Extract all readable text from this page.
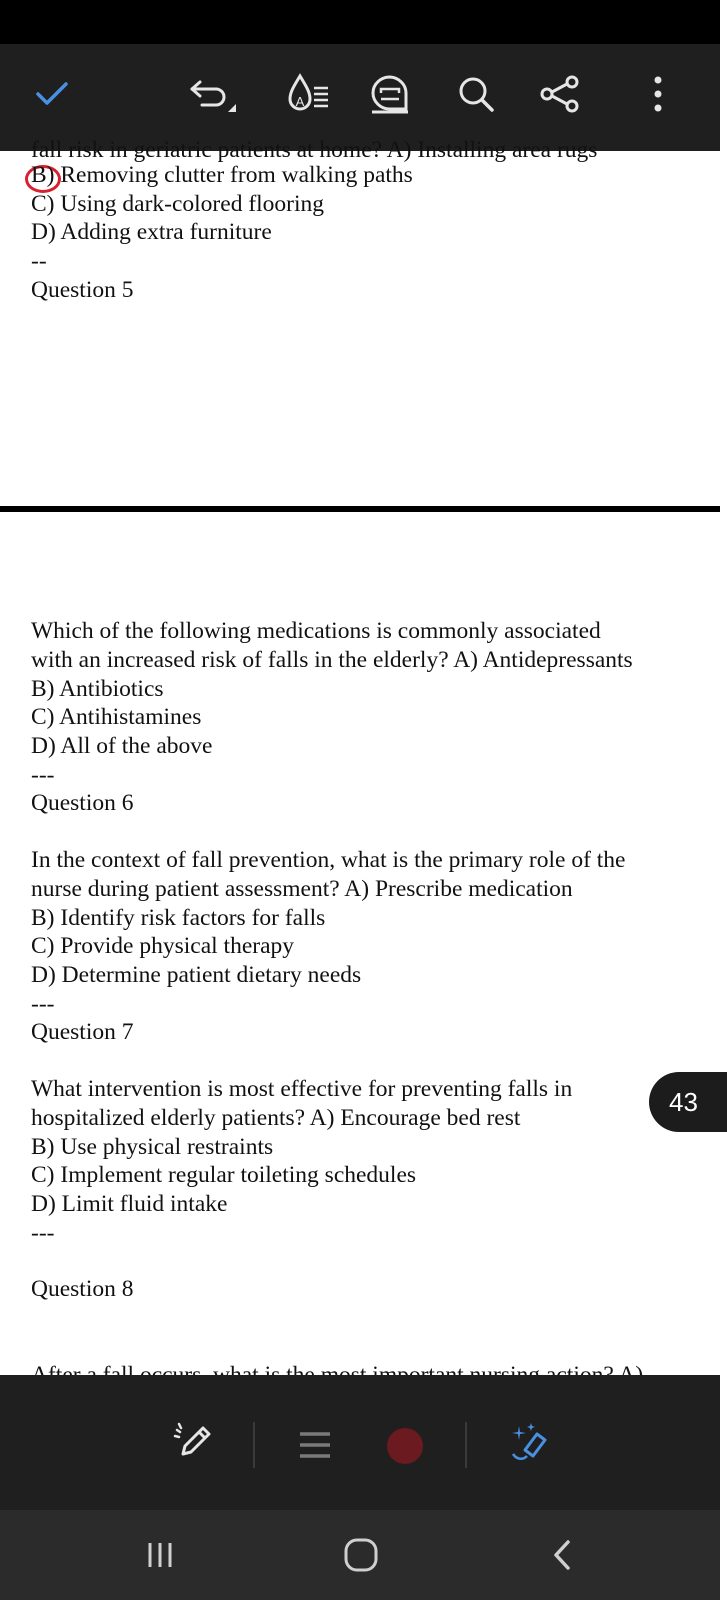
A
fall risk in geriatric patients at home? A) Installing area rugs
B) Removing clutter from walking paths
C) Using dark-colored flooring
D) Adding extra furniture
--
Question 5
Which of the following medications is commonly associated
with an increased risk of falls in the elderly? A) Antidepressants
B) Antibiotics
C) Antihistamines
D) All of the above
---
Question 6
In the context of fall prevention, what is the primary role of the
nurse during patient assessment? A) Prescribe medication
B) Identify risk factors for falls
C) Provide physical therapy
D) Determine patient dietary needs
---
Question 7
What intervention is most effective for preventing falls in
hospitalized elderly patients? A) Encourage bed rest
B) Use physical restraints
C) Implement regular toileting schedules
D) Limit fluid intake
---
Question 8
43
